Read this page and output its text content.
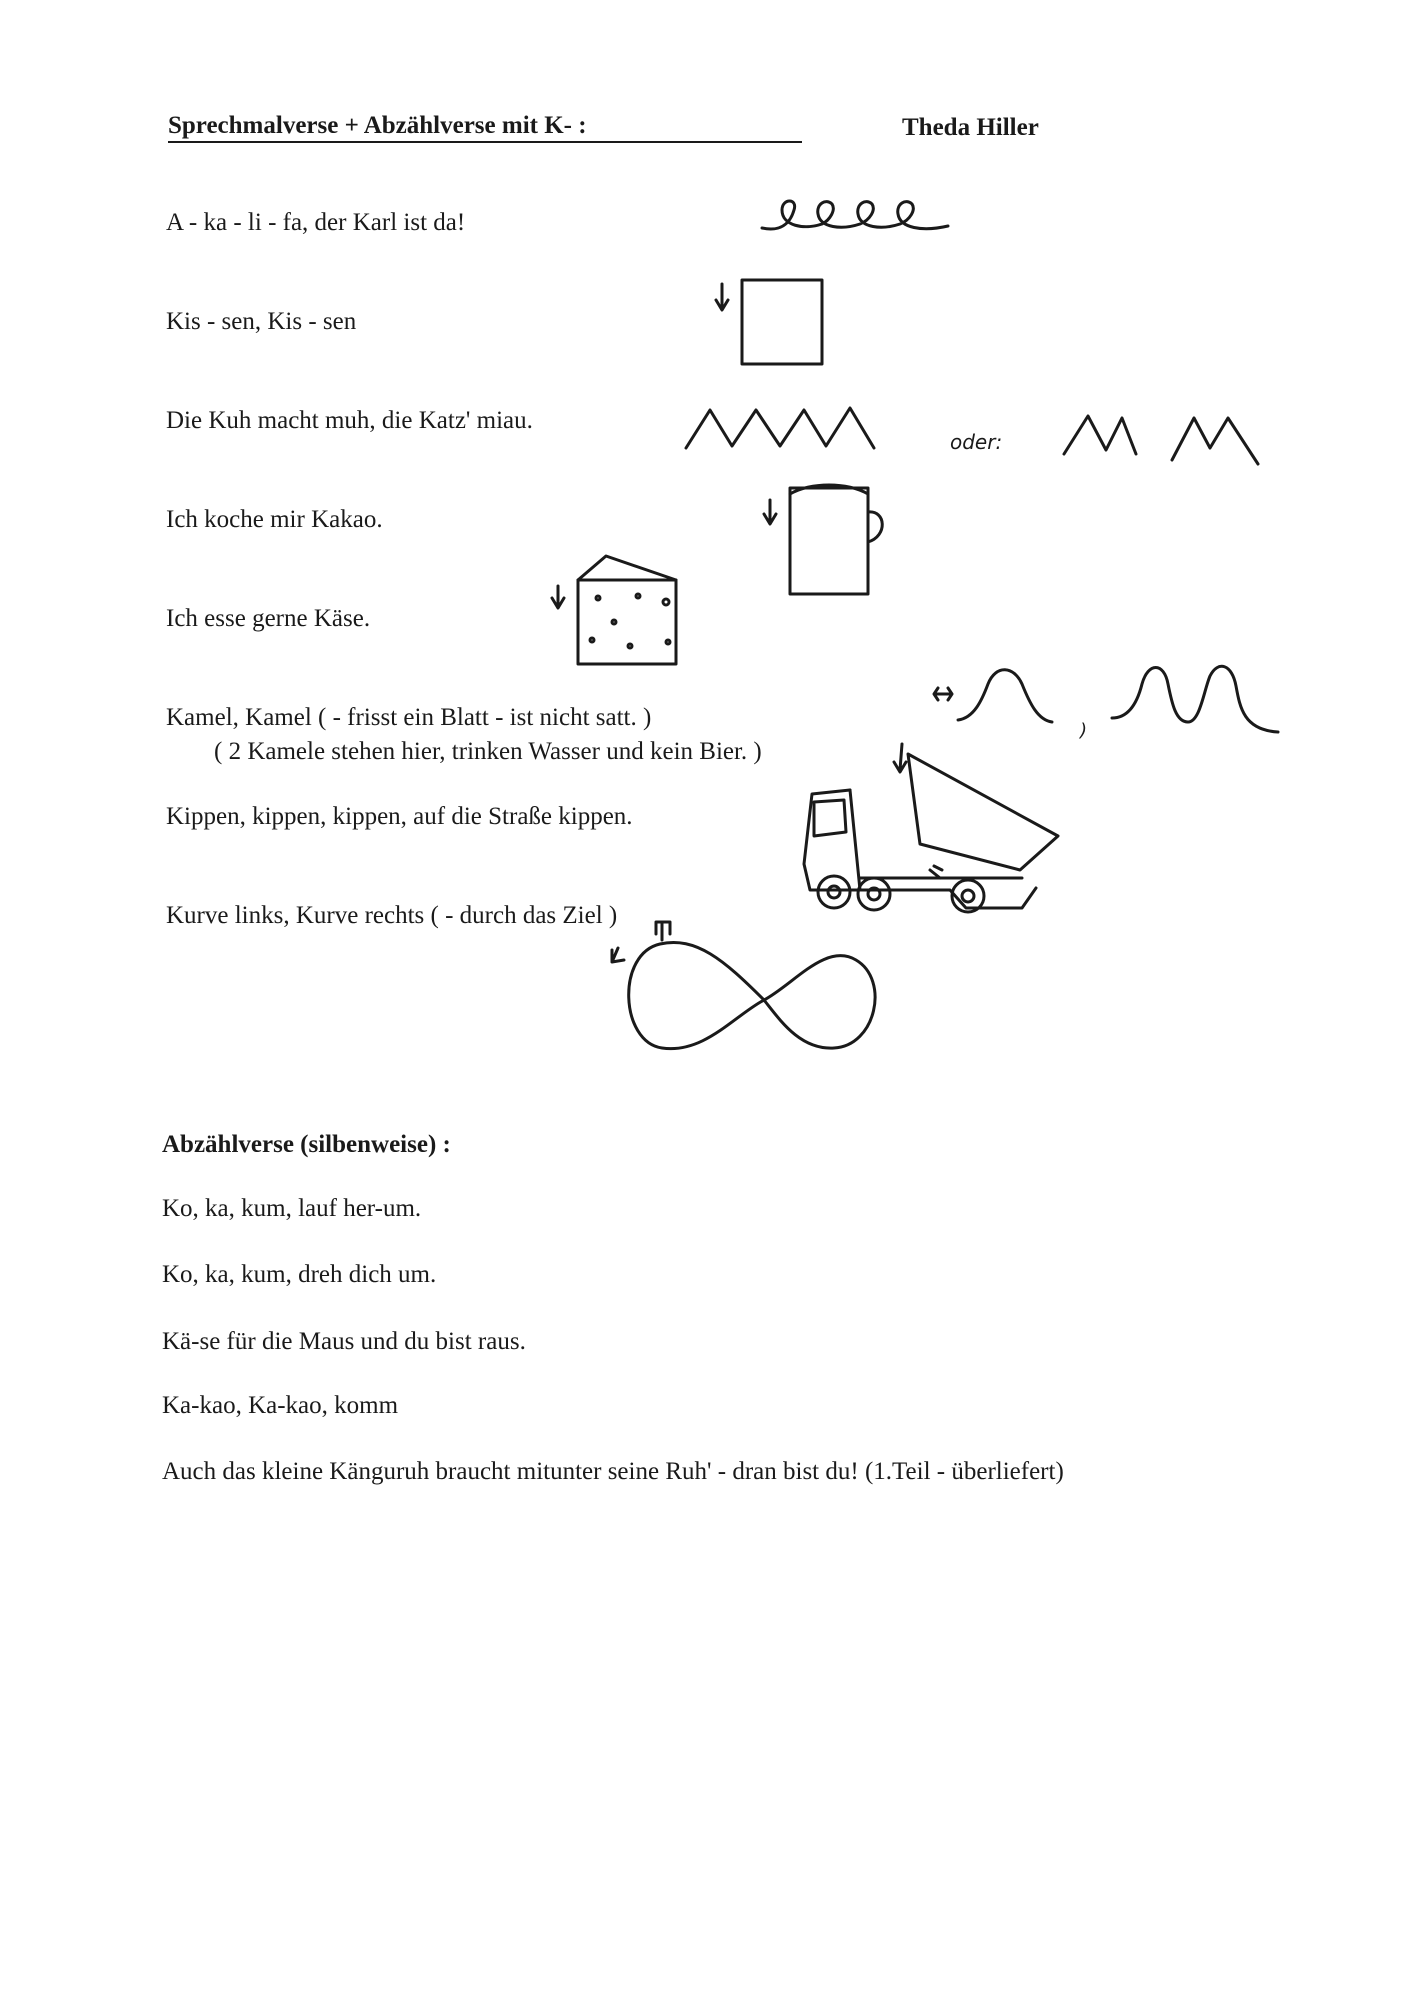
Sprechmalverse + Abzählverse mit K- :	Theda Hiller
A - ka - li - fa, der Karl ist da!
Kis - sen, Kis - sen
Die Kuh macht muh, die Katz' miau.
Ich koche mir Kakao.
Ich esse gerne Käse.
Kamel, Kamel ( - frisst ein Blatt - ist nicht satt. )
( 2 Kamele stehen hier, trinken Wasser und kein Bier. )
Kippen, kippen, kippen, auf die Straße kippen.
Kurve links, Kurve rechts ( - durch das Ziel )
oder:
)
Abzählverse (silbenweise) :
Ko, ka, kum, lauf her-um.
Ko, ka, kum, dreh dich um.
Kä-se für die Maus und du bist raus.
Ka-kao, Ka-kao, komm
Auch das kleine Känguruh braucht mitunter seine Ruh' - dran bist du! (1.Teil - überliefert)
